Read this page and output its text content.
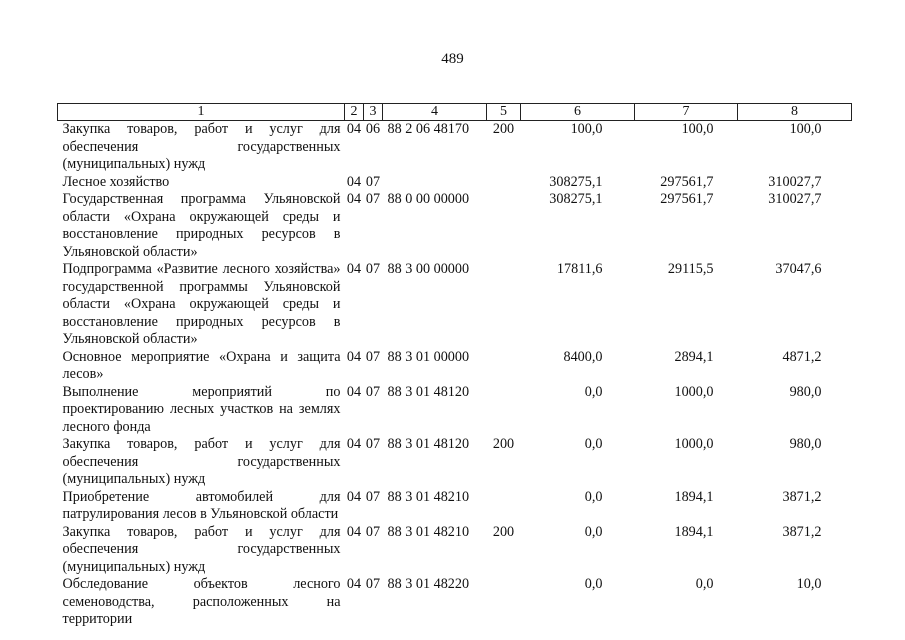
489
1	2	3	4	5	6	7	8
Закупка товаров, работ и услуг для обеспечения государственных (муниципальных) нужд	04	06	88 2 06 48170	200	100,0	100,0	100,0
Лесное хозяйство	04	07			308275,1	297561,7	310027,7
Государственная программа Ульяновской области «Охрана окружающей среды и восстановление природных ресурсов в Ульяновской области»	04	07	88 0 00 00000		308275,1	297561,7	310027,7
Подпрограмма «Развитие лесного хозяйства» государственной программы Ульяновской области «Охрана окружающей среды и восстановление природных ресурсов в Ульяновской области»	04	07	88 3 00 00000		17811,6	29115,5	37047,6
Основное мероприятие «Охрана и защита лесов»	04	07	88 3 01 00000		8400,0	2894,1	4871,2
Выполнение мероприятий по проектированию лесных участков на землях лесного фонда	04	07	88 3 01 48120		0,0	1000,0	980,0
Закупка товаров, работ и услуг для обеспечения государственных (муниципальных) нужд	04	07	88 3 01 48120	200	0,0	1000,0	980,0
Приобретение автомобилей для патрулирования лесов в Ульяновской области	04	07	88 3 01 48210		0,0	1894,1	3871,2
Закупка товаров, работ и услуг для обеспечения государственных (муниципальных) нужд	04	07	88 3 01 48210	200	0,0	1894,1	3871,2
Обследование объектов лесного семеноводства, расположенных на территории	04	07	88 3 01 48220		0,0	0,0	10,0
